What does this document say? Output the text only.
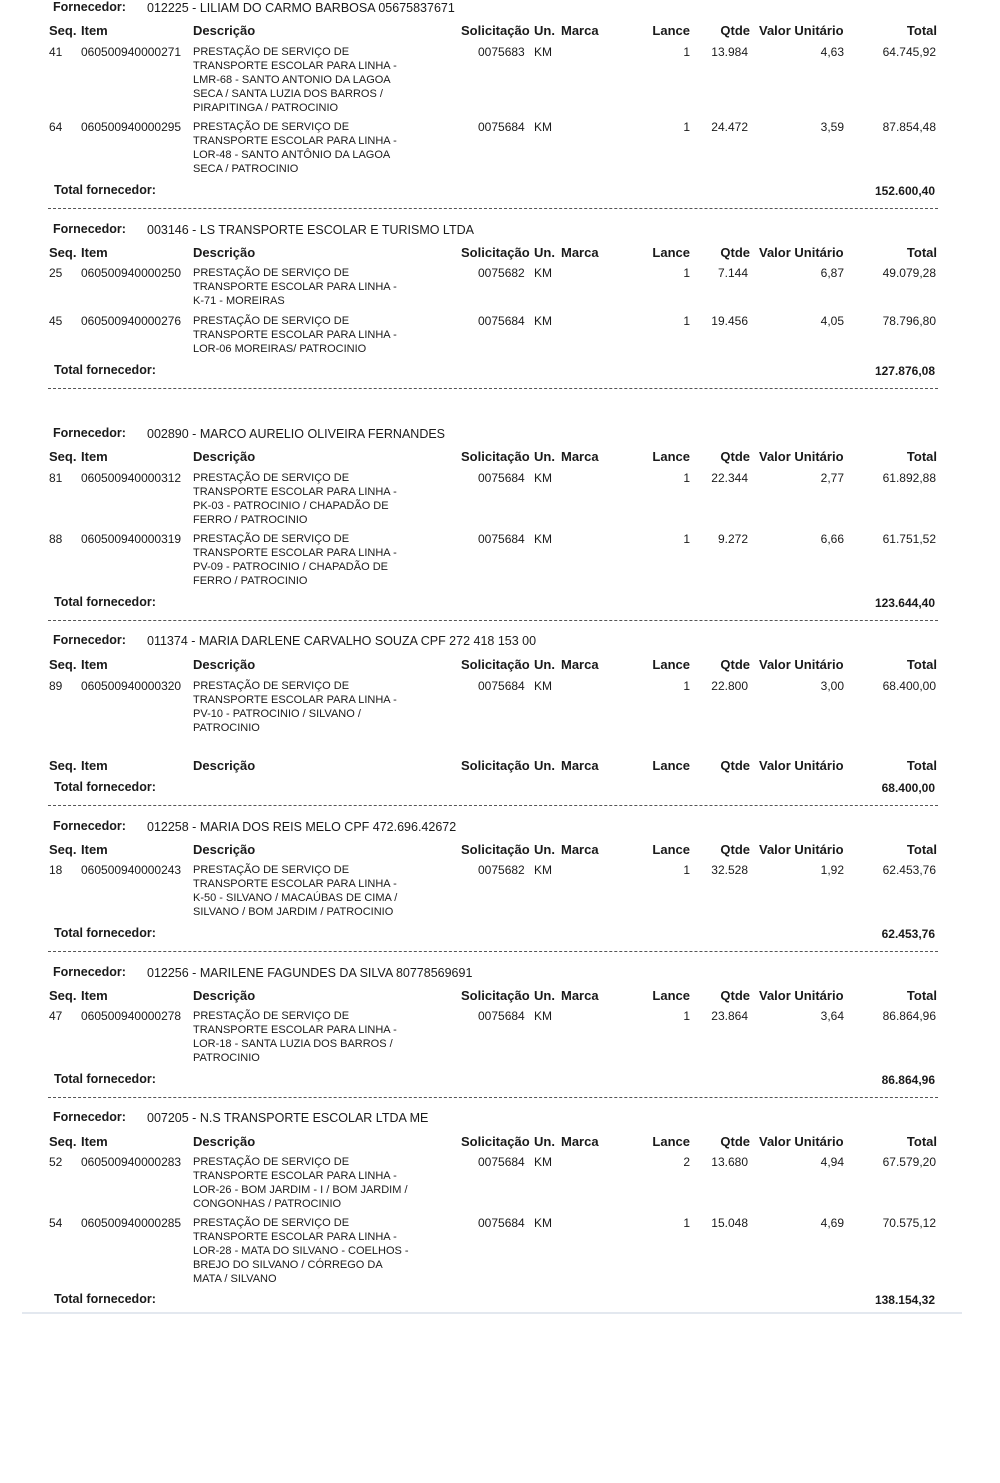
Fornecedor: 012225 - LILIAM DO CARMO BARBOSA 05675837671
41 060500940000271 PRESTAÇÃO DE SERVIÇO DE
TRANSPORTE ESCOLAR PARA LINHA -
LMR-68 - SANTO ANTONIO DA LAGOA
SECA / SANTA LUZIA DOS BARROS /
PIRAPITINGA / PATROCINIO
0075683 KM	1	13.984	4,63	64.745,92
64 060500940000295 PRESTAÇÃO DE SERVIÇO DE
TRANSPORTE ESCOLAR PARA LINHA -
LOR-48 - SANTO ANTÔNIO DA LAGOA
SECA / PATROCINIO
0075684 KM	1	24.472	3,59	87.854,48
Total fornecedor:	152.600,40
Seq. Item	Descrição	Solicitação Un. Marca	Lance	Qtde Valor Unitário	Total
Fornecedor: 003146 - LS TRANSPORTE ESCOLAR E TURISMO LTDA
25 060500940000250 PRESTAÇÃO DE SERVIÇO DE
TRANSPORTE ESCOLAR PARA LINHA -
K-71 - MOREIRAS
0075682 KM	1	7.144	6,87	49.079,28
45 060500940000276 PRESTAÇÃO DE SERVIÇO DE
TRANSPORTE ESCOLAR PARA LINHA -
LOR-06 MOREIRAS/ PATROCINIO
0075684 KM	1	19.456	4,05	78.796,80
Total fornecedor:	127.876,08
Seq. Item	Descrição	Solicitação Un. Marca	Lance	Qtde Valor Unitário	Total
Fornecedor: 002890 - MARCO AURELIO OLIVEIRA FERNANDES
81 060500940000312 PRESTAÇÃO DE SERVIÇO DE
TRANSPORTE ESCOLAR PARA LINHA -
PK-03 - PATROCINIO / CHAPADÃO DE
FERRO / PATROCINIO
0075684 KM	1	22.344	2,77	61.892,88
88 060500940000319 PRESTAÇÃO DE SERVIÇO DE
TRANSPORTE ESCOLAR PARA LINHA -
PV-09 - PATROCINIO / CHAPADÃO DE
FERRO / PATROCINIO
0075684 KM	1	9.272	6,66	61.751,52
Total fornecedor:	123.644,40
Seq. Item	Descrição	Solicitação Un. Marca	Lance	Qtde Valor Unitário	Total
Fornecedor: 011374 - MARIA DARLENE CARVALHO SOUZA CPF 272 418 153 00
89 060500940000320 PRESTAÇÃO DE SERVIÇO DE
TRANSPORTE ESCOLAR PARA LINHA -
PV-10 - PATROCINIO / SILVANO /
PATROCINIO
0075684 KM	1	22.800	3,00	68.400,00
Total fornecedor:	68.400,00
Seq. Item	Descrição	Solicitação Un. Marca	Lance	Qtde Valor Unitário	Total
Seq. Item	Descrição	Solicitação Un. Marca	Lance	Qtde Valor Unitário	Total
Fornecedor: 012258 - MARIA DOS REIS MELO CPF 472.696.42672
18 060500940000243 PRESTAÇÃO DE SERVIÇO DE
TRANSPORTE ESCOLAR PARA LINHA -
K-50 - SILVANO / MACAÚBAS DE CIMA /
SILVANO / BOM JARDIM / PATROCINIO
0075682 KM	1	32.528	1,92	62.453,76
Total fornecedor:	62.453,76
Seq. Item	Descrição	Solicitação Un. Marca	Lance	Qtde Valor Unitário	Total
Fornecedor: 012256 - MARILENE FAGUNDES DA SILVA 80778569691
47 060500940000278 PRESTAÇÃO DE SERVIÇO DE
TRANSPORTE ESCOLAR PARA LINHA -
LOR-18 - SANTA LUZIA DOS BARROS /
PATROCINIO
0075684 KM	1	23.864	3,64	86.864,96
Total fornecedor:	86.864,96
Seq. Item	Descrição	Solicitação Un. Marca	Lance	Qtde Valor Unitário	Total
Fornecedor: 007205 - N.S TRANSPORTE ESCOLAR LTDA ME
52 060500940000283 PRESTAÇÃO DE SERVIÇO DE
TRANSPORTE ESCOLAR PARA LINHA -
LOR-26 - BOM JARDIM - I / BOM JARDIM /
CONGONHAS / PATROCINIO
0075684 KM	2	13.680	4,94	67.579,20
54 060500940000285 PRESTAÇÃO DE SERVIÇO DE
TRANSPORTE ESCOLAR PARA LINHA -
LOR-28 - MATA DO SILVANO - COELHOS -
BREJO DO SILVANO / CÓRREGO DA
MATA / SILVANO
0075684 KM	1	15.048	4,69	70.575,12
Total fornecedor:	138.154,32
Seq. Item	Descrição	Solicitação Un. Marca	Lance	Qtde Valor Unitário	Total
